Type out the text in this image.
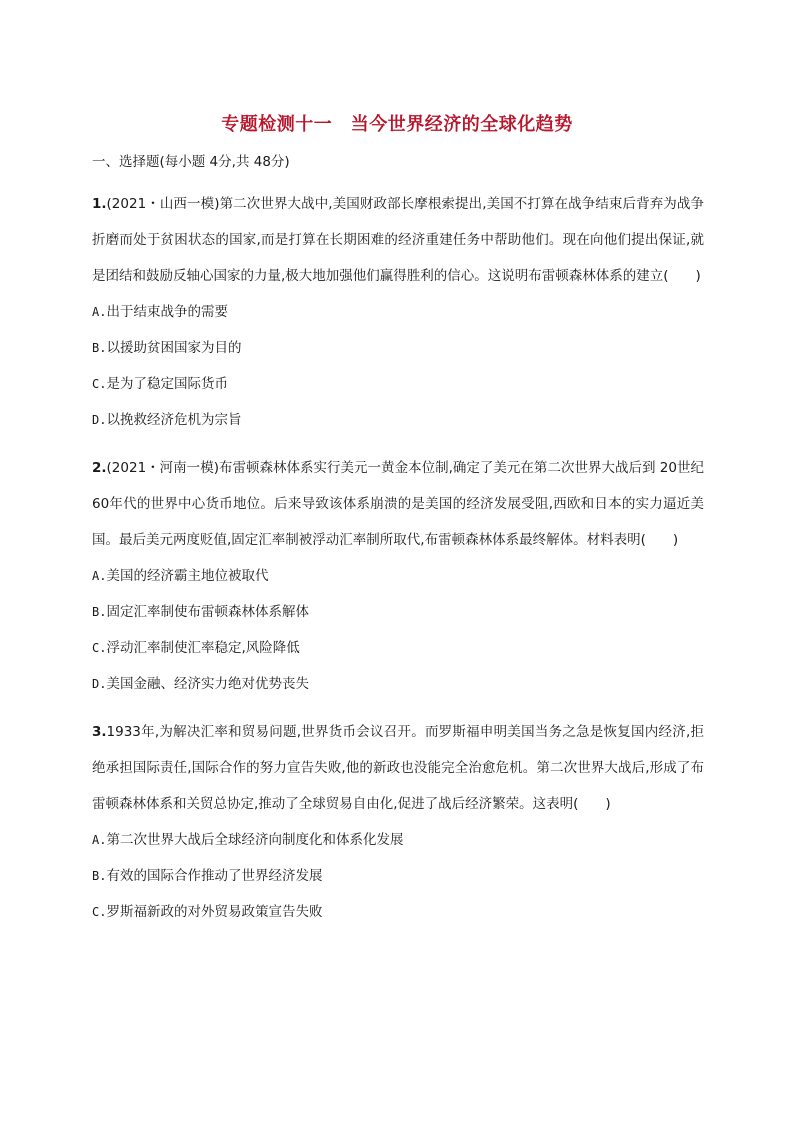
专题检测十一　当今世界经济的全球化趋势
一、选择题(每小题 4分,共 48分)

1.(2021・山西一模)第二次世界大战中,美国财政部长摩根索提出,美国不打算在战争结束后背弃为战争折磨而处于贫困状态的国家,而是打算在长期困难的经济重建任务中帮助他们。现在向他们提出保证,就是团结和鼓励反轴心国家的力量,极大地加强他们赢得胜利的信心。这说明布雷顿森林体系的建立(　　)

A.出于结束战争的需要
B.以援助贫困国家为目的
C.是为了稳定国际货币
D.以挽救经济危机为宗旨

2.(2021・河南一模)布雷顿森林体系实行美元一黄金本位制,确定了美元在第二次世界大战后到 20世纪 60年代的世界中心货币地位。后来导致该体系崩溃的是美国的经济发展受阻,西欧和日本的实力逼近美国。最后美元两度贬值,固定汇率制被浮动汇率制所取代,布雷顿森林体系最终解体。材料表明(　　)

A.美国的经济霸主地位被取代
B.固定汇率制使布雷顿森林体系解体
C.浮动汇率制使汇率稳定,风险降低
D.美国金融、经济实力绝对优势丧失

3.1933年,为解决汇率和贸易问题,世界货币会议召开。而罗斯福申明美国当务之急是恢复国内经济,拒绝承担国际责任,国际合作的努力宣告失败,他的新政也没能完全治愈危机。第二次世界大战后,形成了布雷顿森林体系和关贸总协定,推动了全球贸易自由化,促进了战后经济繁荣。这表明(　　)

A.第二次世界大战后全球经济向制度化和体系化发展
B.有效的国际合作推动了世界经济发展
C.罗斯福新政的对外贸易政策宣告失败
